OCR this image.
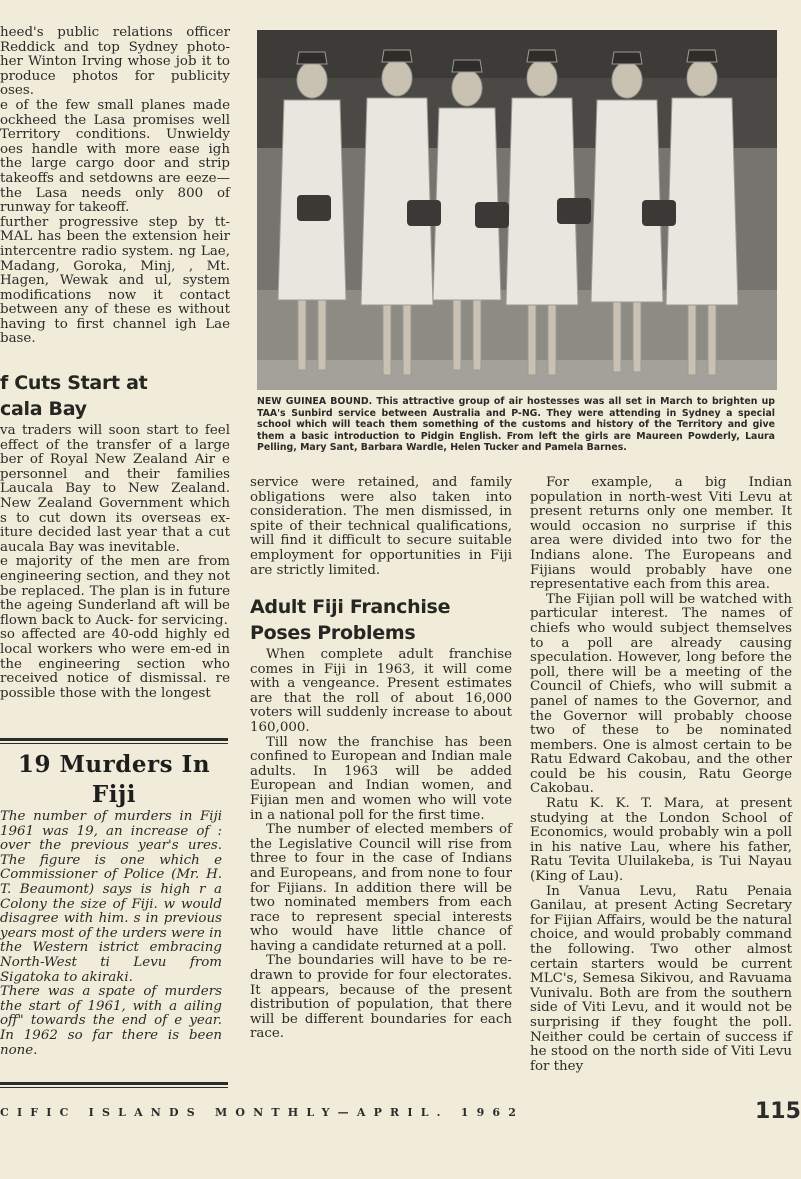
heed's public relations officer Reddick and top Sydney photo-​her Winton Irving whose job it to produce photos for publicity oses.

e of the few small planes made ockheed the Lasa promises well Territory conditions. Unwieldy oes handle with more ease igh the large cargo door and strip takeoffs and setdowns are eeze—the Lasa needs only 800 of runway for takeoff.

further progressive step by tt-MAL has been the extension heir intercentre radio system. ng Lae, Madang, Goroka, Minj, , Mt. Hagen, Wewak and ul, system modifications now it contact between any of these es without having to first channel igh Lae base.

f Cuts Start at
cala Bay

va traders will soon start to feel effect of the transfer of a large ber of Royal New Zealand Air e personnel and their families Laucala Bay to New Zealand. New Zealand Government which s to cut down its overseas ex-​iture decided last year that a cut aucala Bay was inevitable.

e majority of the men are from engineering section, and they not be replaced. The plan is in future the ageing Sunderland aft will be flown back to Auck-​ for servicing.

so affected are 40-odd highly ed local workers who were em-​ed in the engineering section who received notice of dismissal. re possible those with the longest

19 Murders In
Fiji

The number of murders in Fiji 1961 was 19, an increase of : over the previous year's ures. The figure is one which e Commissioner of Police (Mr. H. T. Beaumont) says is high r a Colony the size of Fiji. w would disagree with him. s in previous years most of the urders were in the Western istrict embracing North-West ti Levu from Sigatoka to akiraki.

There was a spate of murders the start of 1961, with a ailing off" towards the end of e year. In 1962 so far there is been none.

NEW GUINEA BOUND. This attractive group of air hostesses was all set in March to brighten up TAA's Sunbird service between Australia and P-NG. They were attending in Sydney a special school which will teach them something of the customs and history of the Territory and give them a basic introduction to Pidgin English. From left the girls are Maureen Powderly, Laura Pelling, Mary Sant, Barbara Wardle, Helen Tucker and Pamela Barnes.

service were retained, and family obligations were also taken into consideration. The men dismissed, in spite of their technical qualifications, will find it difficult to secure suitable employment for opportunities in Fiji are strictly limited.

Adult Fiji Franchise
Poses Problems

When complete adult franchise comes in Fiji in 1963, it will come with a vengeance. Present estimates are that the roll of about 16,000 voters will suddenly increase to about 160,000.

Till now the franchise has been confined to European and Indian male adults. In 1963 will be added European and Indian women, and Fijian men and women who will vote in a national poll for the first time.

The number of elected members of the Legislative Council will rise from three to four in the case of Indians and Europeans, and from none to four for Fijians. In addition there will be two nominated members from each race to represent special interests who would have little chance of having a candidate returned at a poll.

The boundaries will have to be re-​drawn to provide for four electorates. It appears, because of the present distribution of population, that there will be different boundaries for each race.

For example, a big Indian population in north-west Viti Levu at present returns only one member. It would occasion no surprise if this area were divided into two for the Indians alone. The Europeans and Fijians would probably have one representative each from this area.

The Fijian poll will be watched with particular interest. The names of chiefs who would subject themselves to a poll are already causing speculation. However, long before the poll, there will be a meeting of the Council of Chiefs, who will submit a panel of names to the Governor, and the Governor will probably choose two of these to be nominated members. One is almost certain to be Ratu Edward Cakobau, and the other could be his cousin, Ratu George Cakobau.

Ratu K. K. T. Mara, at present studying at the London School of Economics, would probably win a poll in his native Lau, where his father, Ratu Tevita Uluilakeba, is Tui Nayau (King of Lau).

In Vanua Levu, Ratu Penaia Ganilau, at present Acting Secretary for Fijian Affairs, would be the natural choice, and would probably command the following. Two other almost certain starters would be current MLC's, Semesa Sikivou, and Ravuama Vunivalu. Both are from the southern side of Viti Levu, and it would not be surprising if they fought the poll. Neither could be certain of success if he stood on the north side of Viti Levu for they

CIFIC ISLANDS MONTHLY—APRIL. 1962	115
